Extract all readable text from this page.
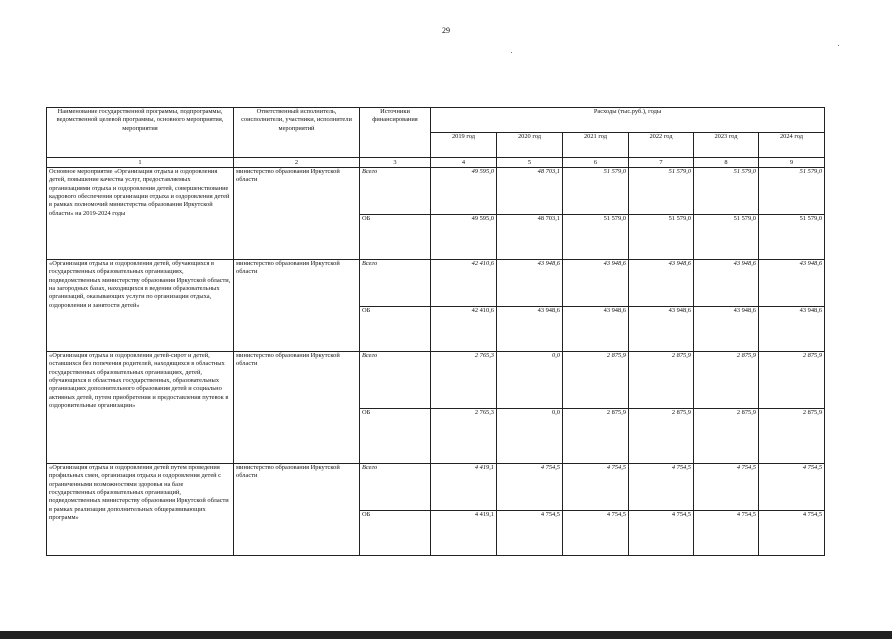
29
Наименование государственной программы, подпрограммы, ведомственной целевой программы, основного мероприятия, мероприятия	Ответственный исполнитель, соисполнители, участники, исполнители мероприятий	Источники финансирования	Расходы (тыс.руб.), годы					
			2019 год	2020 год	2021 год	2022 год	2023 год	2024 год
1	2	3	4	5	6	7	8	9
Основное мероприятие «Организация отдыха и оздоровления детей, повышение качества услуг, предоставляемых организациями отдыха и оздоровления детей, совершенствование кадрового обеспечения организации отдыха и оздоровления детей в рамках полномочий министерства образования Иркутской области» на 2019-2024 годы	министерство образования Иркутской области	Всего	49 595,0	48 703,1	51 579,0	51 579,0	51 579,0	51 579,0
		ОБ	49 595,0	48 703,1	51 579,0	51 579,0	51 579,0	51 579,0
«Организация отдыха и оздоровления детей, обучающихся в государственных образовательных организациях, подведомственных министерству образования Иркутской области, на загородных базах, находящихся в ведении образовательных организаций, оказывающих услуги по организации отдыха, оздоровления и занятости детей»	министерство образования Иркутской области	Всего	42 410,6	43 948,6	43 948,6	43 948,6	43 948,6	43 948,6
		ОБ	42 410,6	43 948,6	43 948,6	43 948,6	43 948,6	43 948,6
«Организация отдыха и оздоровления детей-сирот и детей, оставшихся без попечения родителей, находящихся в областных государственных образовательных организациях, детей, обучающихся в областных государственных, образовательных организациях дополнительного образования детей и социально активных детей, путем приобретения и предоставления путевок в оздоровительные организации»	министерство образования Иркутской области	Всего	2 765,3	0,0	2 875,9	2 875,9	2 875,9	2 875,9
		ОБ	2 765,3	0,0	2 875,9	2 875,9	2 875,9	2 875,9
«Организация отдыха и оздоровления детей путем проведения профильных смен, организация отдыха и оздоровления детей с ограниченными возможностями здоровья на базе государственных образовательных организаций, подведомственных министерству образования Иркутской области в рамках реализации дополнительных общеразвивающих программ»	министерство образования Иркутской области	Всего	4 419,1	4 754,5	4 754,5	4 754,5	4 754,5	4 754,5
		ОБ	4 419,1	4 754,5	4 754,5	4 754,5	4 754,5	4 754,5
